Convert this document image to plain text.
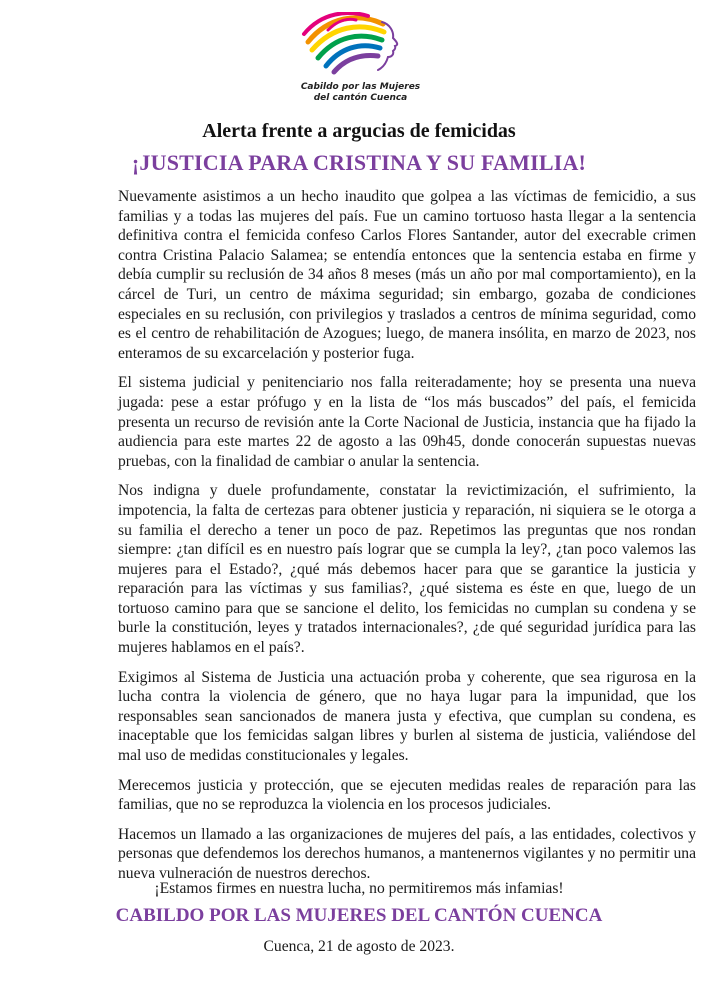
Cabildo por las Mujeres
del cantón Cuenca
Alerta frente a argucias de femicidas
¡JUSTICIA PARA CRISTINA Y SU FAMILIA!

Nuevamente asistimos a un hecho inaudito que golpea a las víctimas de femicidio, a sus familias y a todas las mujeres del país. Fue un camino tortuoso hasta llegar a la sentencia definitiva contra el femicida confeso Carlos Flores Santander, autor del execrable crimen contra Cristina Palacio Salamea; se entendía entonces que la sentencia estaba en firme y debía cumplir su reclusión de 34 años 8 meses (más un año por mal comportamiento), en la cárcel de Turi, un centro de máxima seguridad; sin embargo, gozaba de condiciones especiales en su reclusión, con privilegios y traslados a centros de mínima seguridad, como es el centro de rehabilitación de Azogues; luego, de manera insólita, en marzo de 2023, nos enteramos de su excarcelación y posterior fuga.

El sistema judicial y penitenciario nos falla reiteradamente; hoy se presenta una nueva jugada: pese a estar prófugo y en la lista de “los más buscados” del país, el femicida presenta un recurso de revisión ante la Corte Nacional de Justicia, instancia que ha fijado la audiencia para este martes 22 de agosto a las 09h45, donde conocerán supuestas nuevas pruebas, con la finalidad de cambiar o anular la sentencia.

Nos indigna y duele profundamente, constatar la revictimización, el sufrimiento, la impotencia, la falta de certezas para obtener justicia y reparación, ni siquiera se le otorga a su familia el derecho a tener un poco de paz. Repetimos las preguntas que nos rondan siempre: ¿tan difícil es en nuestro país lograr que se cumpla la ley?, ¿tan poco valemos las mujeres para el Estado?, ¿qué más debemos hacer para que se garantice la justicia y reparación para las víctimas y sus familias?, ¿qué sistema es éste en que, luego de un tortuoso camino para que se sancione el delito, los femicidas no cumplan su condena y se burle la constitución, leyes y tratados internacionales?, ¿de qué seguridad jurídica para las mujeres hablamos en el país?.

Exigimos al Sistema de Justicia una actuación proba y coherente, que sea rigurosa en la lucha contra la violencia de género, que no haya lugar para la impunidad, que los responsables sean sancionados de manera justa y efectiva, que cumplan su condena, es inaceptable que los femicidas salgan libres y burlen al sistema de justicia, valiéndose del mal uso de medidas constitucionales y legales.

Merecemos justicia y protección, que se ejecuten medidas reales de reparación para las familias, que no se reproduzca la violencia en los procesos judiciales.

Hacemos un llamado a las organizaciones de mujeres del país, a las entidades, colectivos y personas que defendemos los derechos humanos, a mantenernos vigilantes y no permitir una nueva vulneración de nuestros derechos.

¡Estamos firmes en nuestra lucha, no permitiremos más infamias!
CABILDO POR LAS MUJERES DEL CANTÓN CUENCA
Cuenca, 21 de agosto de 2023.
